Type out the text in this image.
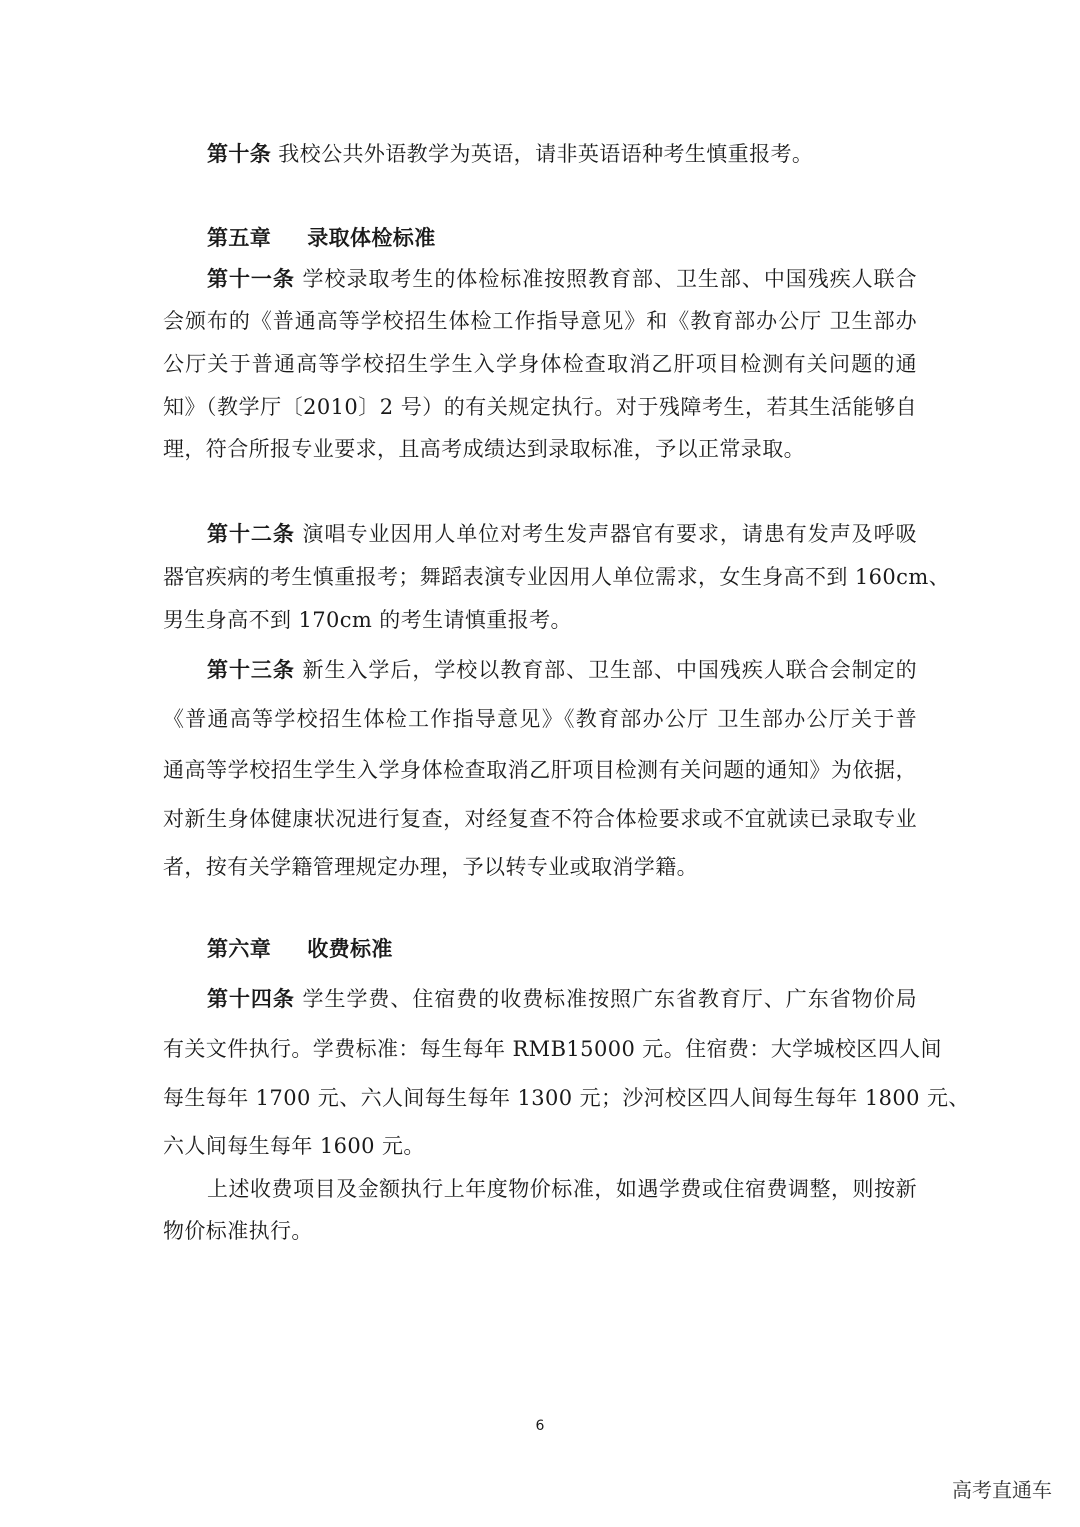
第十条 我校公共外语教学为英语，请非英语语种考生慎重报考。
第五章 录取体检标准
第十一条 学校录取考生的体检标准按照教育部、卫生部、中国残疾人联合
会颁布的《普通高等学校招生体检工作指导意见》和《教育部办公厅 卫生部办
公厅关于普通高等学校招生学生入学身体检查取消乙肝项目检测有关问题的通
知》（教学厅〔2010〕2 号）的有关规定执行。对于残障考生，若其生活能够自
理，符合所报专业要求，且高考成绩达到录取标准，予以正常录取。
第十二条 演唱专业因用人单位对考生发声器官有要求，请患有发声及呼吸
器官疾病的考生慎重报考；舞蹈表演专业因用人单位需求，女生身高不到 160cm、
男生身高不到 170cm 的考生请慎重报考。
第十三条 新生入学后，学校以教育部、卫生部、中国残疾人联合会制定的
《普通高等学校招生体检工作指导意见》《教育部办公厅 卫生部办公厅关于普
通高等学校招生学生入学身体检查取消乙肝项目检测有关问题的通知》为依据，
对新生身体健康状况进行复查，对经复查不符合体检要求或不宜就读已录取专业
者，按有关学籍管理规定办理，予以转专业或取消学籍。
第六章 收费标准
第十四条 学生学费、住宿费的收费标准按照广东省教育厅、广东省物价局
有关文件执行。学费标准：每生每年 RMB15000 元。住宿费：大学城校区四人间
每生每年 1700 元、六人间每生每年 1300 元；沙河校区四人间每生每年 1800 元、
六人间每生每年 1600 元。
上述收费项目及金额执行上年度物价标准，如遇学费或住宿费调整，则按新
物价标准执行。
6
高考直通车
